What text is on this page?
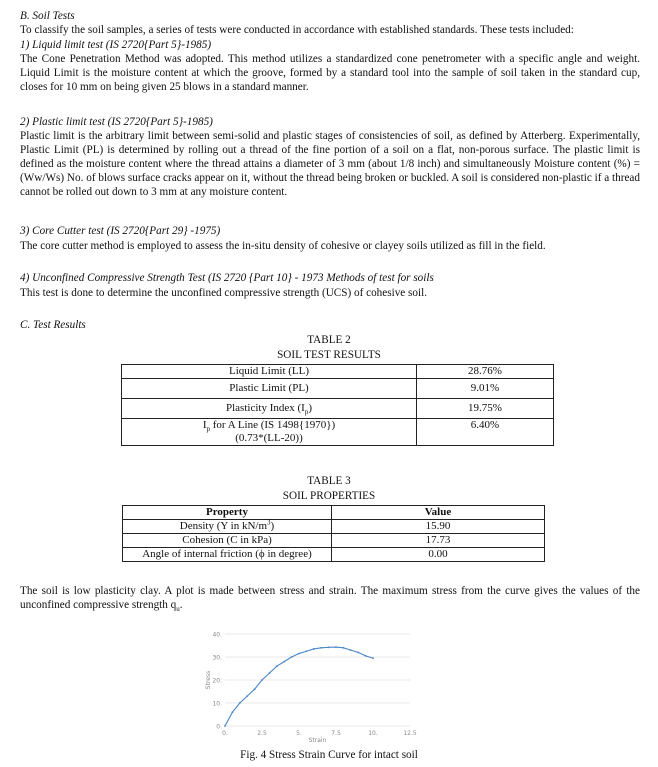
B. Soil Tests
To classify the soil samples, a series of tests were conducted in accordance with established standards. These tests included:
1) Liquid limit test (IS 2720{Part 5}-1985)
The Cone Penetration Method was adopted. This method utilizes a standardized cone penetrometer with a specific angle and weight. Liquid Limit is the moisture content at which the groove, formed by a standard tool into the sample of soil taken in the standard cup, closes for 10 mm on being given 25 blows in a standard manner.
2) Plastic limit test (IS 2720{Part 5}-1985)
Plastic limit is the arbitrary limit between semi-solid and plastic stages of consistencies of soil, as defined by Atterberg. Experimentally, Plastic Limit (PL) is determined by rolling out a thread of the fine portion of a soil on a flat, non-porous surface. The plastic limit is defined as the moisture content where the thread attains a diameter of 3 mm (about 1/8 inch) and simultaneously Moisture content (%) = (Ww/Ws) No. of blows surface cracks appear on it, without the thread being broken or buckled. A soil is considered non-plastic if a thread cannot be rolled out down to 3 mm at any moisture content.
3) Core Cutter test (IS 2720{Part 29} -1975)
The core cutter method is employed to assess the in-situ density of cohesive or clayey soils utilized as fill in the field.
4) Unconfined Compressive Strength Test (IS 2720 {Part 10} - 1973 Methods of test for soils
This test is done to determine the unconfined compressive strength (UCS) of cohesive soil.
C. Test Results
TABLE 2
SOIL TEST RESULTS
Liquid Limit (LL)	28.76%
Plastic Limit (PL)	9.01%
Plasticity Index $(I_p)$	19.75%
$I_p$ for A Line (IS 1498{1970})
(0.73*(LL-20))	6.40%
TABLE 3
SOIL PROPERTIES
Property	Value
Density (Υ in $kN/m^3$)	15.90
Cohesion (C in kPa)	17.73
Angle of internal friction (ϕ in degree)	0.00
The soil is low plasticity clay. A plot is made between stress and strain. The maximum stress from the curve gives the values of the unconfined compressive strength $q_u$.
0.
10.
20.
30.
40.
0.	2.5	5.	7.5	10.	12.5
Strain
Stress
Fig. 4 Stress Strain Curve for intact soil
